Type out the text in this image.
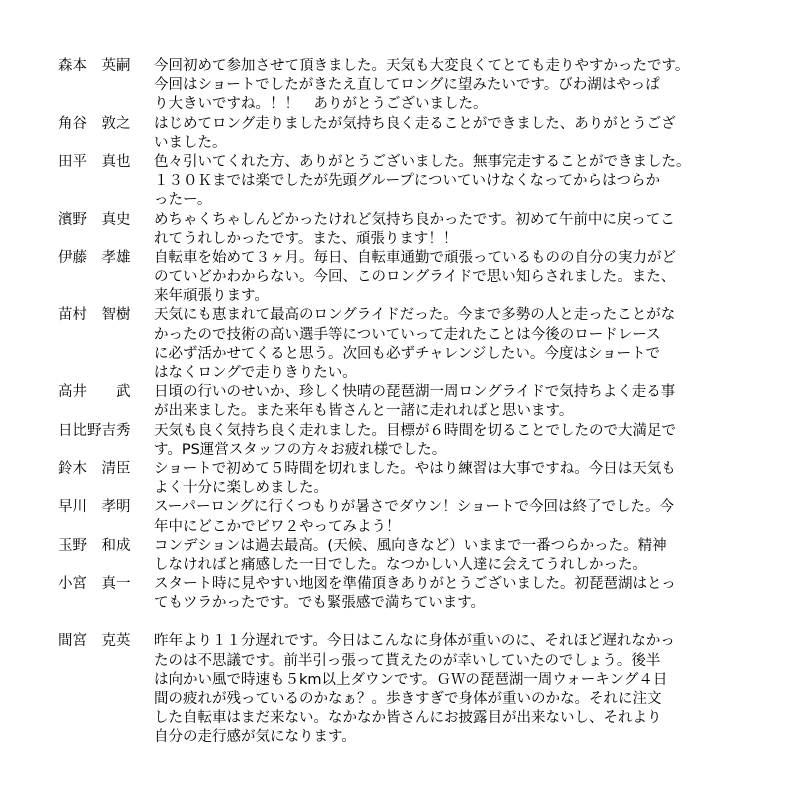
森本　英嗣	今回初めて参加させて頂きました。天気も大変良くてとても走りやすかったです。
今回はショートでしたがきたえ直してロングに望みたいです。びわ湖はやっぱ
り大きいですね。！！　ありがとうございました。
角谷　敦之	はじめてロング走りましたが気持ち良く走ることができました、ありがとうござ
いました。
田平　真也	色々引いてくれた方、ありがとうございました。無事完走することができました。
１３０Ｋまでは楽でしたが先頭グループについていけなくなってからはつらか
ったー。
濱野　真史	めちゃくちゃしんどかったけれど気持ち良かったです。初めて午前中に戻ってこ
れてうれしかったです。また、頑張ります！！
伊藤　孝雄	自転車を始めて３ヶ月。毎日、自転車通勤で頑張っているものの自分の実力がど
のていどかわからない。今回、このロングライドで思い知らされました。また、
来年頑張ります。
苗村　智樹	天気にも恵まれて最高のロングライドだった。今まで多勢の人と走ったことがな
かったので技術の高い選手等についていって走れたことは今後のロードレース
に必ず活かせてくると思う。次回も必ずチャレンジしたい。今度はショートで
はなくロングで走りきりたい。
高井　　武	日頃の行いのせいか、珍しく快晴の琵琶湖一周ロングライドで気持ちよく走る事
が出来ました。また来年も皆さんと一諸に走れればと思います。
日比野吉秀	天気も良く気持ち良く走れました。目標が６時間を切ることでしたので大満足で
す。PS運営スタッフの方々お疲れ様でした。
鈴木　清臣	ショートで初めて５時間を切れました。やはり練習は大事ですね。今日は天気も
よく十分に楽しめました。
早川　孝明	スーパーロングに行くつもりが暑さでダウン！ショートで今回は終了でした。今
年中にどこかでビワ２やってみよう！
玉野　和成	コンデションは過去最高。(天候、風向きなど）いままで一番つらかった。精神
しなければと痛感した一日でした。なつかしい人達に会えてうれしかった。
小宮　真一	スタート時に見やすい地図を準備頂きありがとうございました。初琵琶湖はとっ
てもツラかったです。でも緊張感で満ちています。
間宮　克英	昨年より１１分遅れです。今日はこんなに身体が重いのに、それほど遅れなかっ
たのは不思議です。前半引っ張って貰えたのが幸いしていたのでしょう。後半
は向かい風で時速も５km以上ダウンです。ＧＷの琵琶湖一周ウォーキング４日
間の疲れが残っているのかなぁ？。歩きすぎで身体が重いのかな。それに注文
した自転車はまだ来ない。なかなか皆さんにお披露目が出来ないし、それより
自分の走行感が気になります。
